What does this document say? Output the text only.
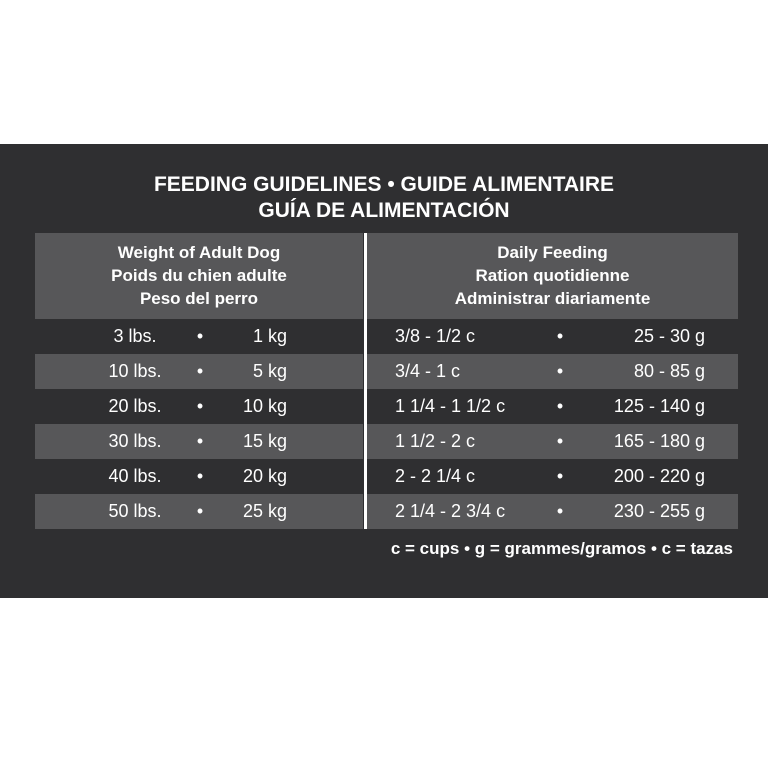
FEEDING GUIDELINES • GUIDE ALIMENTAIRE
GUÍA DE ALIMENTACIÓN
Weight of Adult Dog
Poids du chien adulte
Peso del perro
Daily Feeding
Ration quotidienne
Administrar diariamente
3 lbs.	•	1 kg	3/8 - 1/2 c	•	25 - 30 g
10 lbs.	•	5 kg	3/4 - 1 c	•	80 - 85 g
20 lbs.	•	10 kg	1 1/4 - 1 1/2 c	•	125 - 140 g
30 lbs.	•	15 kg	1 1/2 - 2 c	•	165 - 180 g
40 lbs.	•	20 kg	2 - 2 1/4 c	•	200 - 220 g
50 lbs.	•	25 kg	2 1/4 - 2 3/4 c	•	230 - 255 g
c = cups • g = grammes/gramos • c = tazas
